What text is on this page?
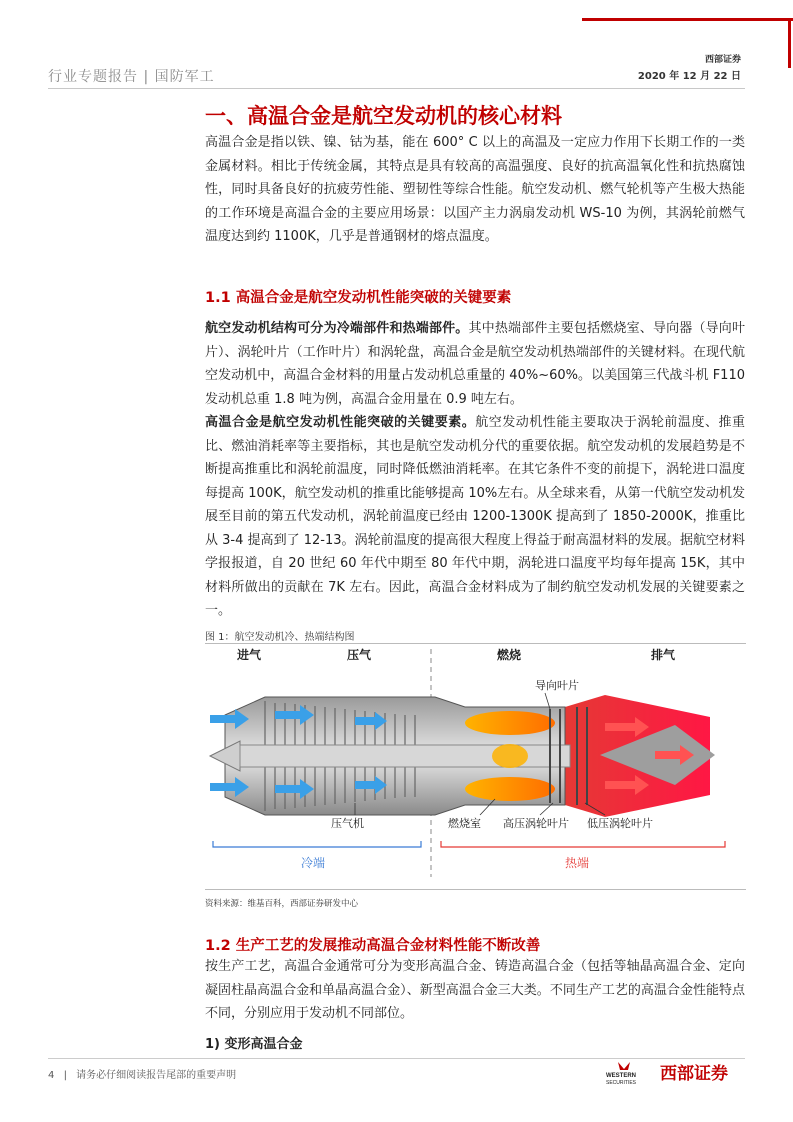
行业专题报告 | 国防军工
西部证券
2020 年 12 月 22 日
一、高温合金是航空发动机的核心材料
高温合金是指以铁、镍、钴为基，能在 600° C 以上的高温及一定应力作用下长期工作的一类金属材料。相比于传统金属，其特点是具有较高的高温强度、良好的抗高温氧化性和抗热腐蚀性，同时具备良好的抗疲劳性能、塑韧性等综合性能。航空发动机、燃气轮机等产生极大热能的工作环境是高温合金的主要应用场景：以国产主力涡扇发动机 WS-10 为例，其涡轮前燃气温度达到约 1100K，几乎是普通钢材的熔点温度。
1.1 高温合金是航空发动机性能突破的关键要素
航空发动机结构可分为冷端部件和热端部件。其中热端部件主要包括燃烧室、导向器（导向叶片）、涡轮叶片（工作叶片）和涡轮盘，高温合金是航空发动机热端部件的关键材料。在现代航空发动机中，高温合金材料的用量占发动机总重量的 40%~60%。以美国第三代战斗机 F110 发动机总重 1.8 吨为例，高温合金用量在 0.9 吨左右。
高温合金是航空发动机性能突破的关键要素。航空发动机性能主要取决于涡轮前温度、推重比、燃油消耗率等主要指标，其也是航空发动机分代的重要依据。航空发动机的发展趋势是不断提高推重比和涡轮前温度，同时降低燃油消耗率。在其它条件不变的前提下，涡轮进口温度每提高 100K，航空发动机的推重比能够提高 10%左右。从全球来看，从第一代航空发动机发展至目前的第五代发动机，涡轮前温度已经由 1200-1300K 提高到了 1850-2000K，推重比从 3-4 提高到了 12-13。涡轮前温度的提高很大程度上得益于耐高温材料的发展。据航空材料学报报道，自 20 世纪 60 年代中期至 80 年代中期，涡轮进口温度平均每年提高 15K，其中材料所做出的贡献在 7K 左右。因此，高温合金材料成为了制约航空发动机发展的关键要素之一。
图 1：航空发动机冷、热端结构图
进气	压气	燃烧	排气
导向叶片
压气机	燃烧室 高压涡轮叶片 低压涡轮叶片
冷端	热端
资料来源：维基百科，西部证券研发中心
1.2 生产工艺的发展推动高温合金材料性能不断改善
按生产工艺，高温合金通常可分为变形高温合金、铸造高温合金（包括等轴晶高温合金、定向凝固柱晶高温合金和单晶高温合金）、新型高温合金三大类。不同生产工艺的高温合金性能特点不同，分别应用于发动机不同部位。
1) 变形高温合金
4 | 请务必仔细阅读报告尾部的重要声明	WESTERN
SECURITIES 西部证券
